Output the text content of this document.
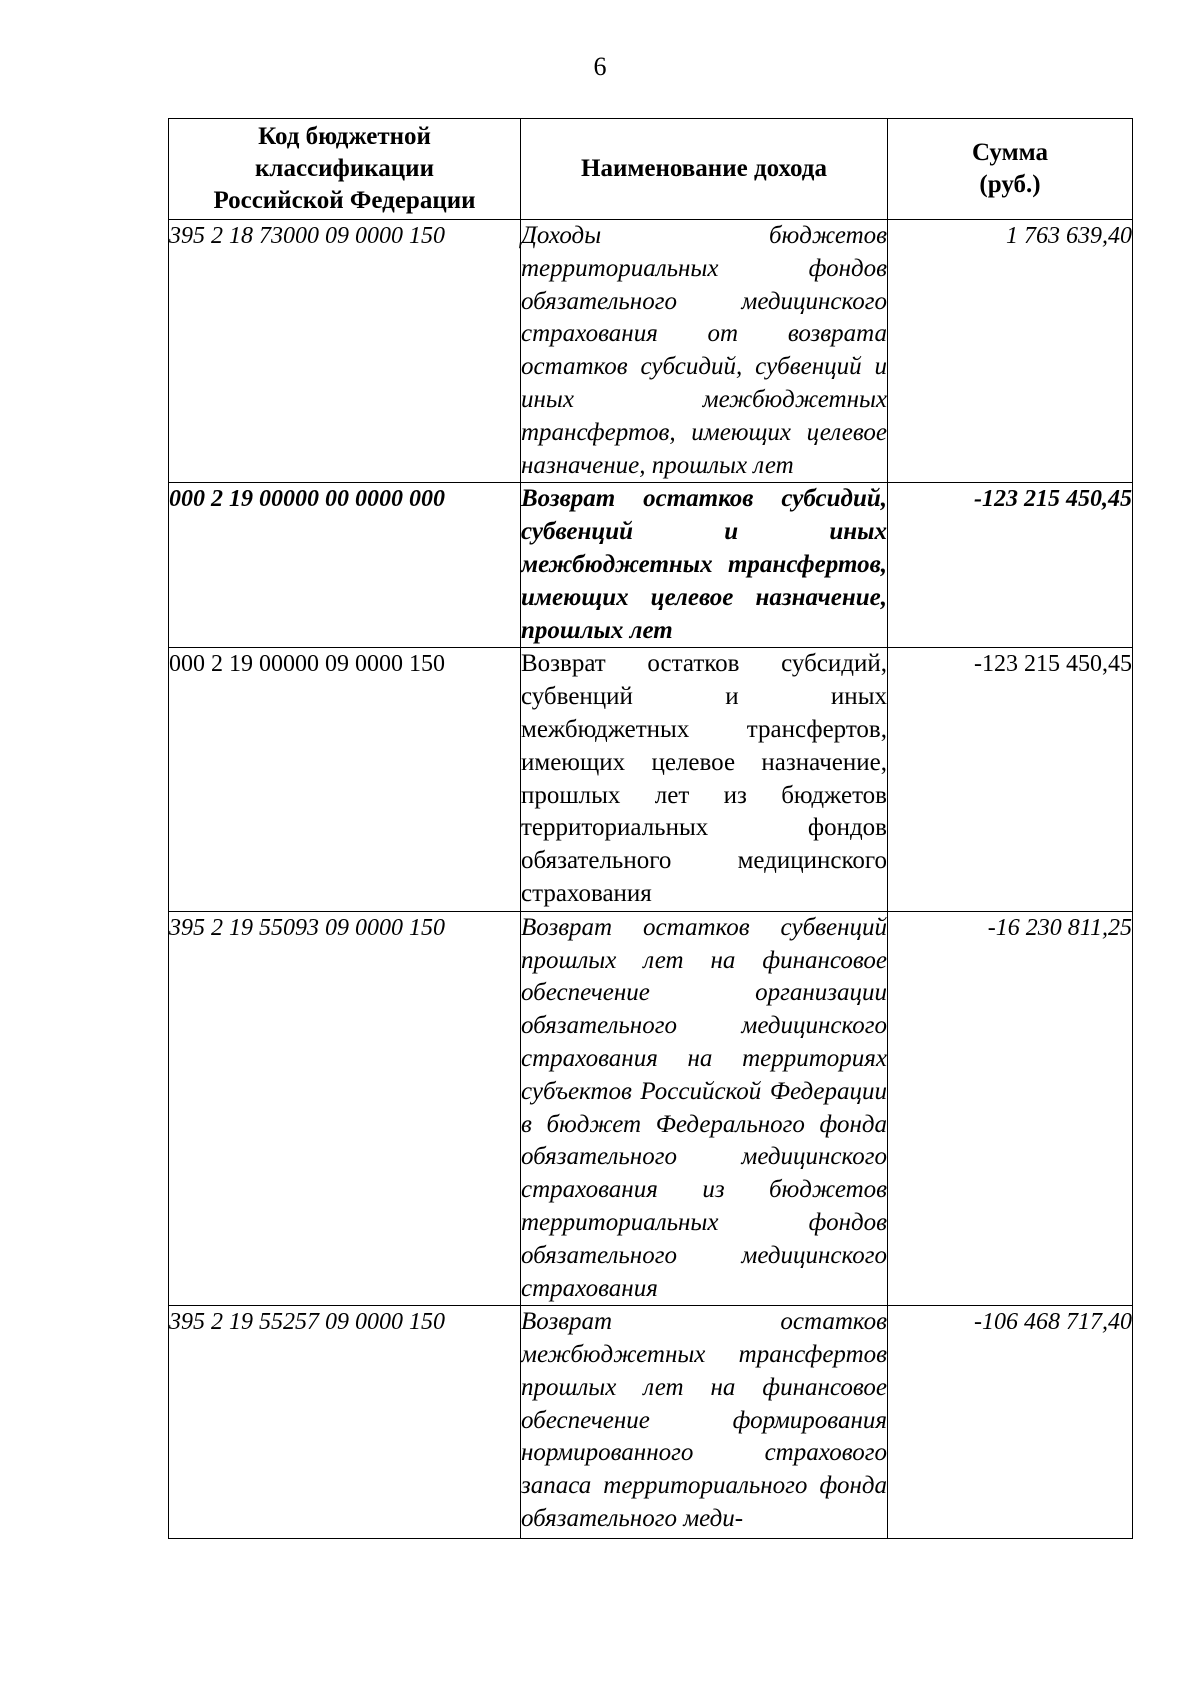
6
Код бюджетной классификации Российской Федерации	Наименование дохода	Сумма (руб.)
395 2 18 73000 09 0000 150	Доходы бюджетов территориальных фондов обязательного медицинского страхования от возврата остатков субсидий, субвенций и иных межбюджетных трансфертов, имеющих целевое назначение, прошлых лет	1 763 639,40
000 2 19 00000 00 0000 000	Возврат остатков субсидий, субвенций и иных межбюджетных трансфертов, имеющих целевое назначение, прошлых лет	-123 215 450,45
000 2 19 00000 09 0000 150	Возврат остатков субсидий, субвенций и иных межбюджетных трансфертов, имеющих целевое назначение, прошлых лет из бюджетов территориальных фондов обязательного медицинского страхования	-123 215 450,45
395 2 19 55093 09 0000 150	Возврат остатков субвенций прошлых лет на финансовое обеспечение организации обязательного медицинского страхования на территориях субъектов Российской Федерации в бюджет Федерального фонда обязательного медицинского страхования из бюджетов территориальных фондов обязательного медицинского страхования	-16 230 811,25
395 2 19 55257 09 0000 150	Возврат остатков межбюджетных трансфертов прошлых лет на финансовое обеспечение формирования нормированного страхового запаса территориального фонда обязательного меди-	-106 468 717,40
